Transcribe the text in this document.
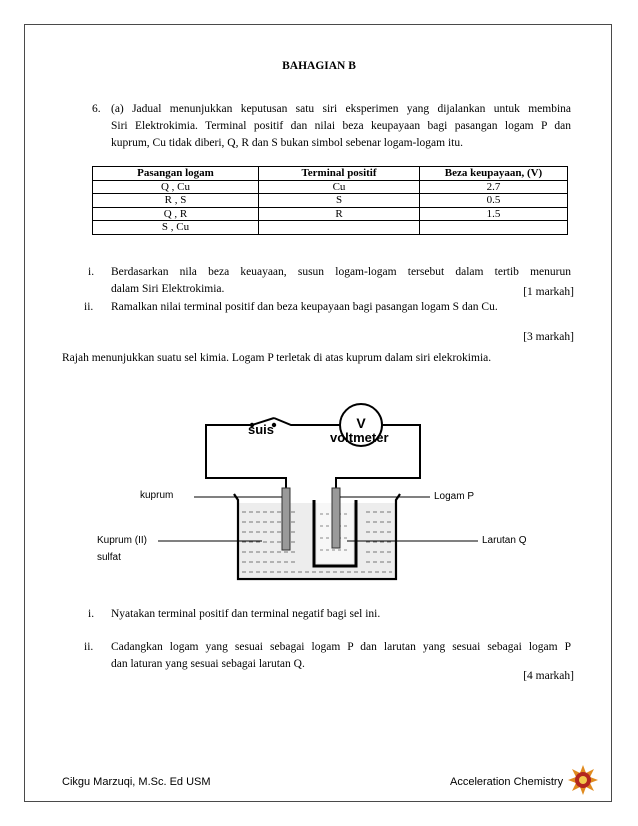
BAHAGIAN B
6. (a) Jadual menunjukkan keputusan satu siri eksperimen yang dijalankan untuk membina
Siri Elektrokimia. Terminal positif dan nilai beza keupayaan bagi pasangan logam P dan
kuprum, Cu tidak diberi, Q, R dan S bukan simbol sebenar logam-logam itu.
Pasangan logam	Terminal positif	Beza keupayaan, (V)
Q , Cu	Cu	2.7
R , S	S	0.5
Q , R	R	1.5
S , Cu		
i. Berdasarkan nila beza keuayaan, susun logam-logam tersebut dalam tertib menurun
dalam Siri Elektrokimia.	[1 markah]
ii. Ramalkan nilai terminal positif dan beza keupayaan bagi pasangan logam S dan Cu.
[3 markah]
Rajah menunjukkan suatu sel kimia. Logam P terletak di atas kuprum dalam siri elekrokimia.
suis
voltmeter
V
kuprum	Logam P
Kuprum (II)
sulfat
Larutan Q
i. Nyatakan terminal positif dan terminal negatif bagi sel ini.
ii. Cadangkan logam yang sesuai sebagai logam P dan larutan yang sesuai sebagai logam P
dan laturan yang sesuai sebagai larutan Q.
[4 markah]
Cikgu Marzuqi, M.Sc. Ed USM	Acceleration Chemistry
